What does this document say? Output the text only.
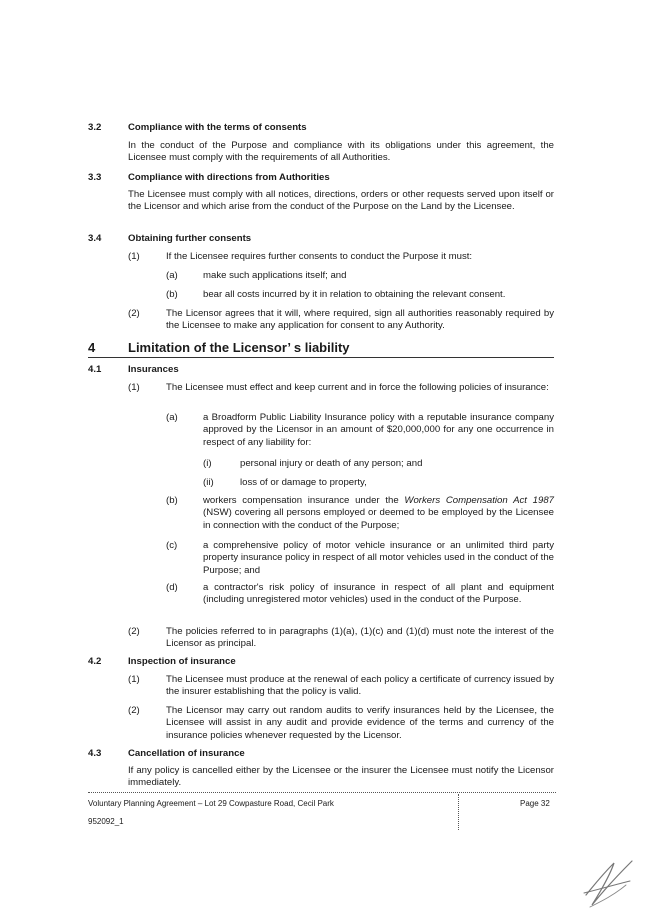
3.2	Compliance with the terms of consents
In the conduct of the Purpose and compliance with its obligations under this agreement, the Licensee must comply with the requirements of all Authorities.
3.3	Compliance with directions from Authorities
The Licensee must comply with all notices, directions, orders or other requests served upon itself or the Licensor and which arise from the conduct of the Purpose on the Land by the Licensee.
3.4	Obtaining further consents
(1)	If the Licensee requires further consents to conduct the Purpose it must:
(a)	make such applications itself; and
(b)	bear all costs incurred by it in relation to obtaining the relevant consent.
(2)	The Licensor agrees that it will, where required, sign all authorities reasonably required by the Licensee to make any application for consent to any Authority.
4	Limitation of the Licensor’ s liability
4.1	Insurances
(1)	The Licensee must effect and keep current and in force the following policies of insurance:
(a)	a Broadform Public Liability Insurance policy with a reputable insurance company approved by the Licensor in an amount of $20,000,000 for any one occurrence in respect of any liability for:
(i)	personal injury or death of any person; and
(ii)	loss of or damage to property,
(b)	workers compensation insurance under the Workers Compensation Act 1987 (NSW) covering all persons employed or deemed to be employed by the Licensee in connection with the conduct of the Purpose;
(c)	a comprehensive policy of motor vehicle insurance or an unlimited third party property insurance policy in respect of all motor vehicles used in the conduct of the Purpose; and
(d)	a contractor's risk policy of insurance in respect of all plant and equipment (including unregistered motor vehicles) used in the conduct of the Purpose.
(2)	The policies referred to in paragraphs (1)(a), (1)(c) and (1)(d) must note the interest of the Licensor as principal.
4.2	Inspection of insurance
(1)	The Licensee must produce at the renewal of each policy a certificate of currency issued by the insurer establishing that the policy is valid.
(2)	The Licensor may carry out random audits to verify insurances held by the Licensee, the Licensee will assist in any audit and provide evidence of the terms and currency of the insurance policies whenever requested by the Licensor.
4.3	Cancellation of insurance
If any policy is cancelled either by the Licensee or the insurer the Licensee must notify the Licensor immediately.
Voluntary Planning Agreement – Lot 29 Cowpasture Road, Cecil Park
952092_1
Page 32
